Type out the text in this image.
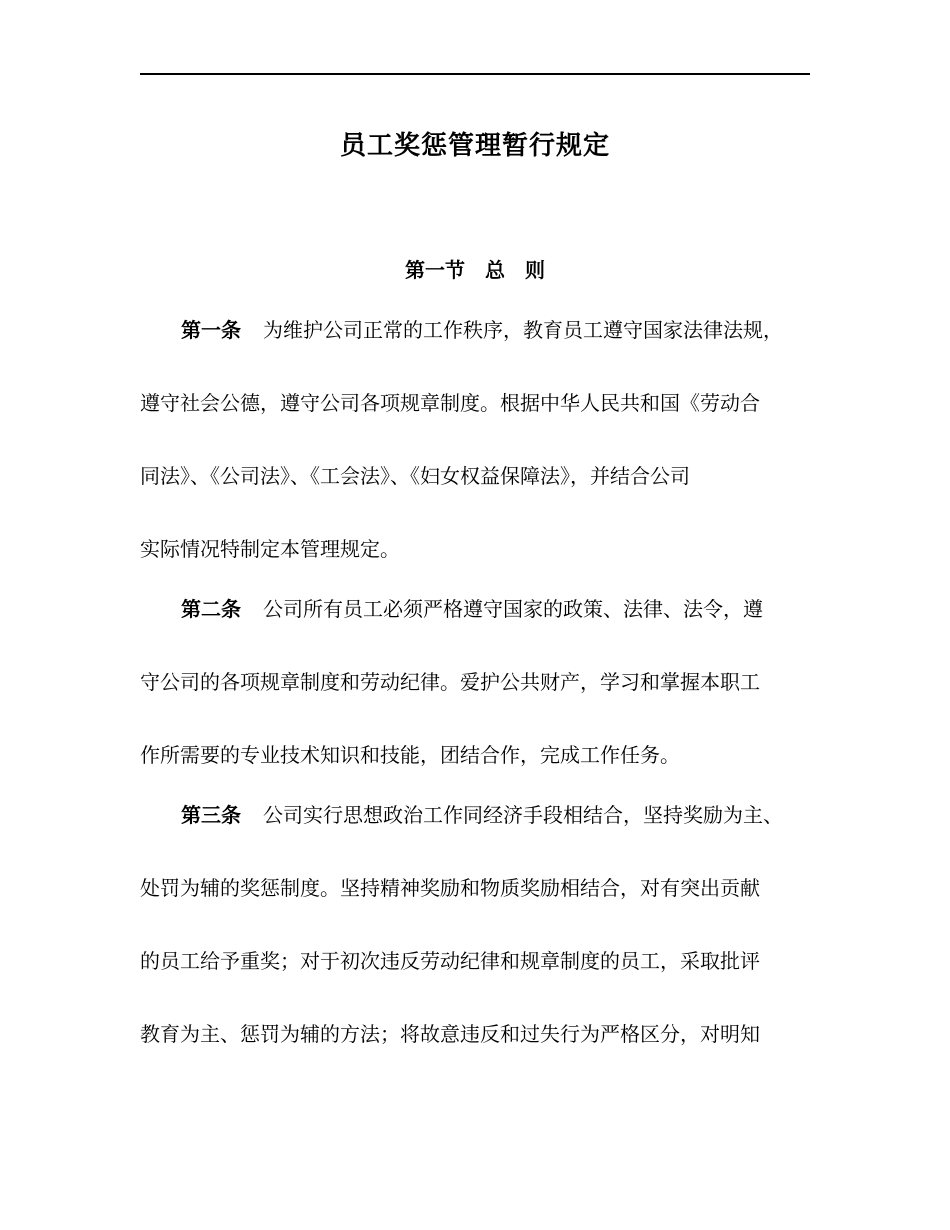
员工奖惩管理暂行规定
第一节　总　则
第一条 为维护公司正常的工作秩序，教育员工遵守国家法律法规，
遵守社会公德，遵守公司各项规章制度。根据中华人民共和国《劳动合
同法》、《公司法》、《工会法》、《妇女权益保障法》，并结合公司
实际情况特制定本管理规定。
第二条 公司所有员工必须严格遵守国家的政策、法律、法令，遵
守公司的各项规章制度和劳动纪律。爱护公共财产，学习和掌握本职工
作所需要的专业技术知识和技能，团结合作，完成工作任务。
第三条 公司实行思想政治工作同经济手段相结合，坚持奖励为主、
处罚为辅的奖惩制度。坚持精神奖励和物质奖励相结合，对有突出贡献
的员工给予重奖；对于初次违反劳动纪律和规章制度的员工，采取批评
教育为主、惩罚为辅的方法；将故意违反和过失行为严格区分，对明知
